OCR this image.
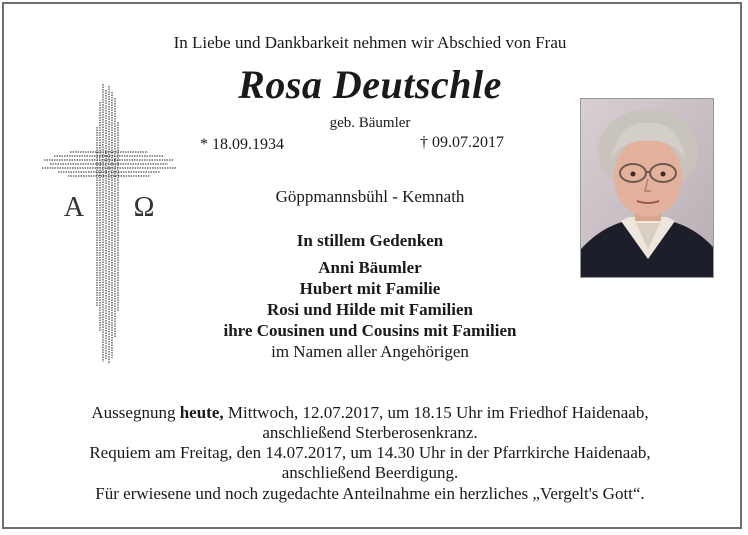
In Liebe und Dankbarkeit nehmen wir Abschied von Frau
Rosa Deutschle
geb. Bäumler
* 18.09.1934	† 09.07.2017
Göppmannsbühl - Kemnath
In stillem Gedenken
Anni Bäumler
Hubert mit Familie
Rosi und Hilde mit Familien
ihre Cousinen und Cousins mit Familien
im Namen aller Angehörigen
Aussegnung heute, Mittwoch, 12.07.2017, um 18.15 Uhr im Friedhof Haidenaab,
anschließend Sterberosenkranz.
Requiem am Freitag, den 14.07.2017, um 14.30 Uhr in der Pfarrkirche Haidenaab,
anschließend Beerdigung.
Für erwiesene und noch zugedachte Anteilnahme ein herzliches „Vergelt's Gott“.
A Ω
